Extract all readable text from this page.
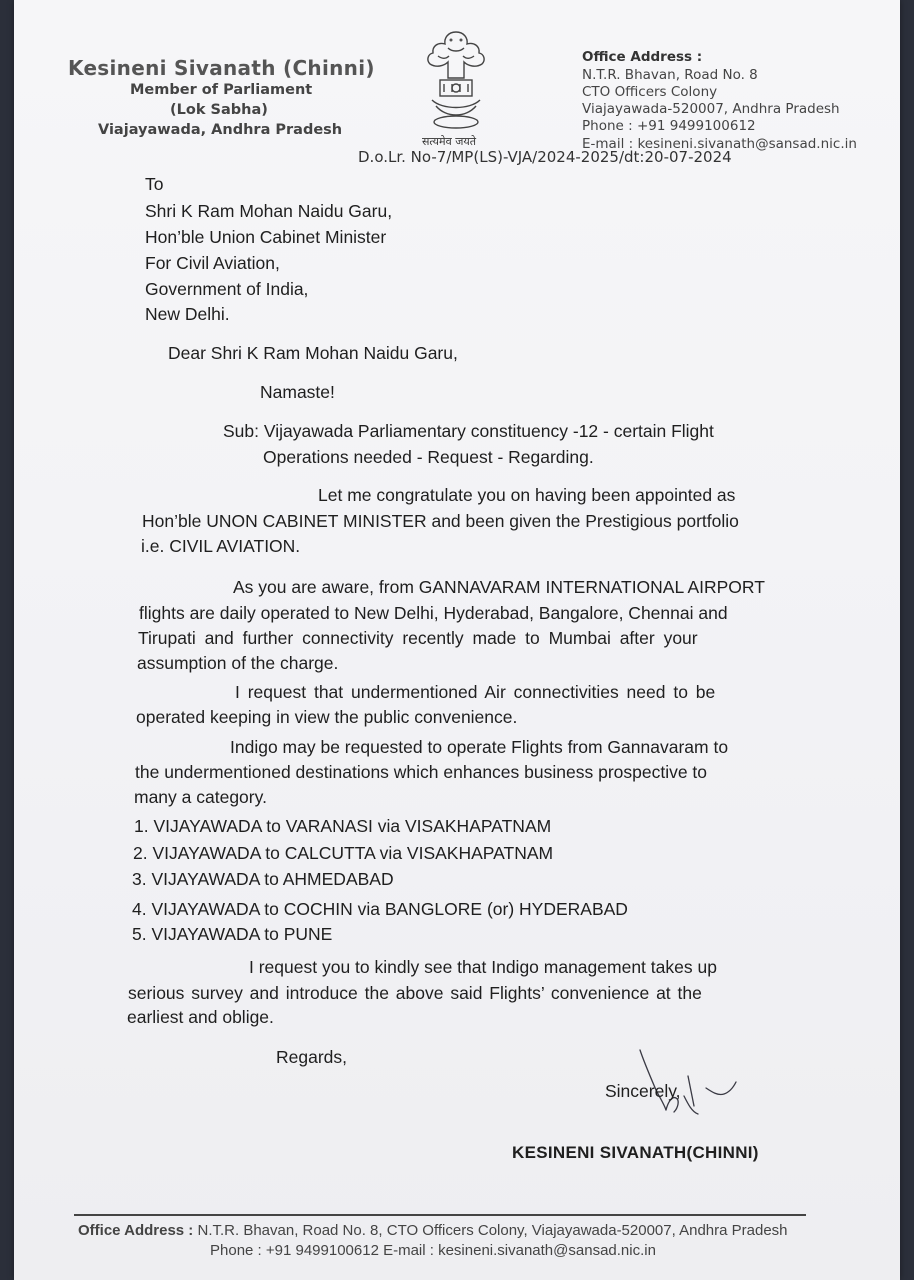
Kesineni Sivanath (Chinni)
Member of Parliament
(Lok Sabha)
Viajayawada, Andhra Pradesh
सत्यमेव जयते
Office Address :
N.T.R. Bhavan, Road No. 8
CTO Officers Colony
Viajayawada-520007, Andhra Pradesh
Phone : +91 9499100612
E-mail : kesineni.sivanath@sansad.nic.in
D.o.Lr. No-7/MP(LS)-VJA/2024-2025/dt:20-07-2024
To
Shri K Ram Mohan Naidu Garu,
Hon’ble Union Cabinet Minister
For Civil Aviation,
Government of India,
New Delhi.
Dear Shri K Ram Mohan Naidu Garu,
Namaste!
Sub: Vijayawada Parliamentary constituency -12 - certain Flight
Operations needed - Request - Regarding.
Let me congratulate you on having been appointed as
Hon’ble UNON CABINET MINISTER and been given the Prestigious portfolio
i.e. CIVIL AVIATION.
As you are aware, from GANNAVARAM INTERNATIONAL AIRPORT
flights are daily operated to New Delhi, Hyderabad, Bangalore, Chennai and
Tirupati and further connectivity recently made to Mumbai after your
assumption of the charge.
I request that undermentioned Air connectivities need to be
operated keeping in view the public convenience.
Indigo may be requested to operate Flights from Gannavaram to
the undermentioned destinations which enhances business prospective to
many a category.
1. VIJAYAWADA to VARANASI via VISAKHAPATNAM
2. VIJAYAWADA to CALCUTTA via VISAKHAPATNAM
3. VIJAYAWADA to AHMEDABAD
4. VIJAYAWADA to COCHIN via BANGLORE (or) HYDERABAD
5. VIJAYAWADA to PUNE
I request you to kindly see that Indigo management takes up
serious survey and introduce the above said Flights’ convenience at the
earliest and oblige.
Regards,
Sincerely,
KESINENI SIVANATH(CHINNI)
Office Address : N.T.R. Bhavan, Road No. 8, CTO Officers Colony, Viajayawada-520007, Andhra Pradesh
Phone : +91 9499100612 E-mail : kesineni.sivanath@sansad.nic.in
